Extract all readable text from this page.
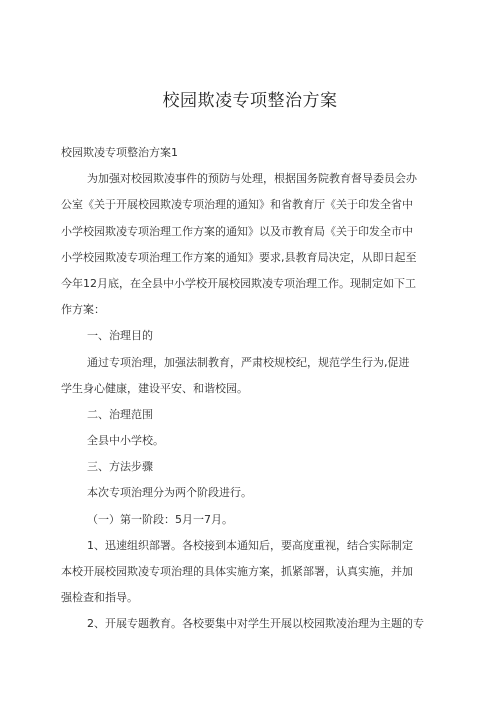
校园欺凌专项整治方案
校园欺凌专项整治方案1
为加强对校园欺凌事件的预防与处理，根据国务院教育督导委员会办
公室《关于开展校园欺凌专项治理的通知》和省教育厅《关于印发全省中
小学校园欺凌专项治理工作方案的通知》以及市教育局《关于印发全市中
小学校园欺凌专项治理工作方案的通知》要求,县教育局决定，从即日起至
今年12月底，在全县中小学校开展校园欺凌专项治理工作。现制定如下工
作方案：
一、治理目的
通过专项治理，加强法制教育，严肃校规校纪，规范学生行为,促进
学生身心健康，建设平安、和谐校园。
二、治理范围
全县中小学校。
三、方法步骤
本次专项治理分为两个阶段进行。
（一）第一阶段：5月一7月。
1、迅速组织部署。各校接到本通知后，要高度重视，结合实际制定
本校开展校园欺凌专项治理的具体实施方案，抓紧部署，认真实施，并加
强检查和指导。
2、开展专题教育。各校要集中对学生开展以校园欺凌治理为主题的专
